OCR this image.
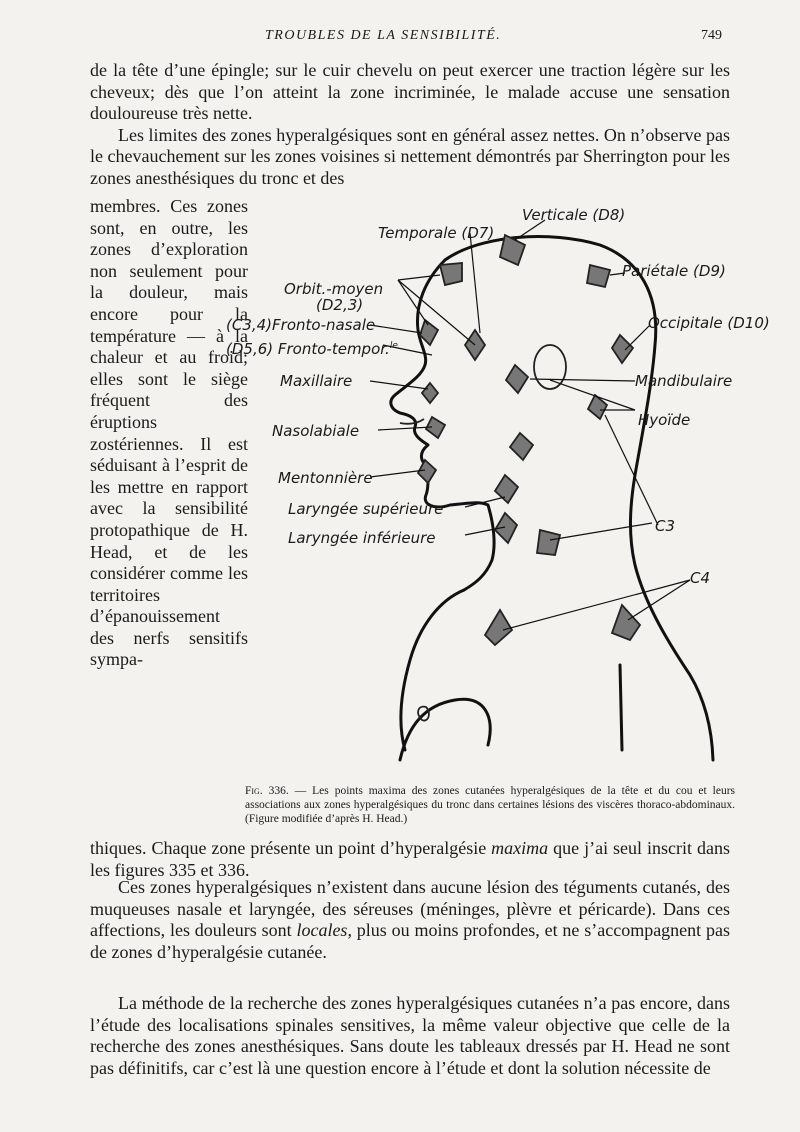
TROUBLES DE LA SENSIBILITÉ.	749

de la tête d’une épingle; sur le cuir chevelu on peut exercer une traction légère sur les cheveux; dès que l’on atteint la zone incriminée, le malade accuse une sensation douloureuse très nette.

Les limites des zones hyperalgésiques sont en général assez nettes. On n’observe pas le chevauchement sur les zones voisines si nettement démontrés par Sherrington pour les zones anesthésiques du tronc et des

membres. Ces zones sont, en outre, les zones d’exploration non seulement pour la douleur, mais encore pour la température — à la chaleur et au froid; elles sont le siège fréquent des éruptions zostériennes. Il est séduisant à l’esprit de les mettre en rapport avec la sensibilité protopathique de H. Head, et de les considérer comme les territoires d’épanouissement des nerfs sensitifs sympa-

Verticale (D8)
Temporale (D7)
Pariétale (D9)
Orbit.-moyen
(D2,3)
(C3,4)Fronto-nasale	Occipitale (D10)
(D5,6) Fronto-tempor.$^{le}$
Maxillaire	Mandibulaire
Hyoïde
Nasolabiale
Mentonnière
Laryngée supérieure
Laryngée inférieure
C3
C4

Fig. 336. — Les points maxima des zones cutanées hyperalgésiques de la tête et du cou et leurs associations aux zones hyperalgésiques du tronc dans certaines lésions des viscères thoraco-abdominaux. (Figure modifiée d’après H. Head.)

thiques. Chaque zone présente un point d’hyperalgésie maxima que j’ai seul inscrit dans les figures 335 et 336.

Ces zones hyperalgésiques n’existent dans aucune lésion des téguments cutanés, des muqueuses nasale et laryngée, des séreuses (méninges, plèvre et péricarde). Dans ces affections, les douleurs sont locales, plus ou moins profondes, et ne s’accompagnent pas de zones d’hyperalgésie cutanée.

La méthode de la recherche des zones hyperalgésiques cutanées n’a pas encore, dans l’étude des localisations spinales sensitives, la même valeur objective que celle de la recherche des zones anesthésiques. Sans doute les tableaux dressés par H. Head ne sont pas définitifs, car c’est là une question encore à l’étude et dont la solution nécessite de
